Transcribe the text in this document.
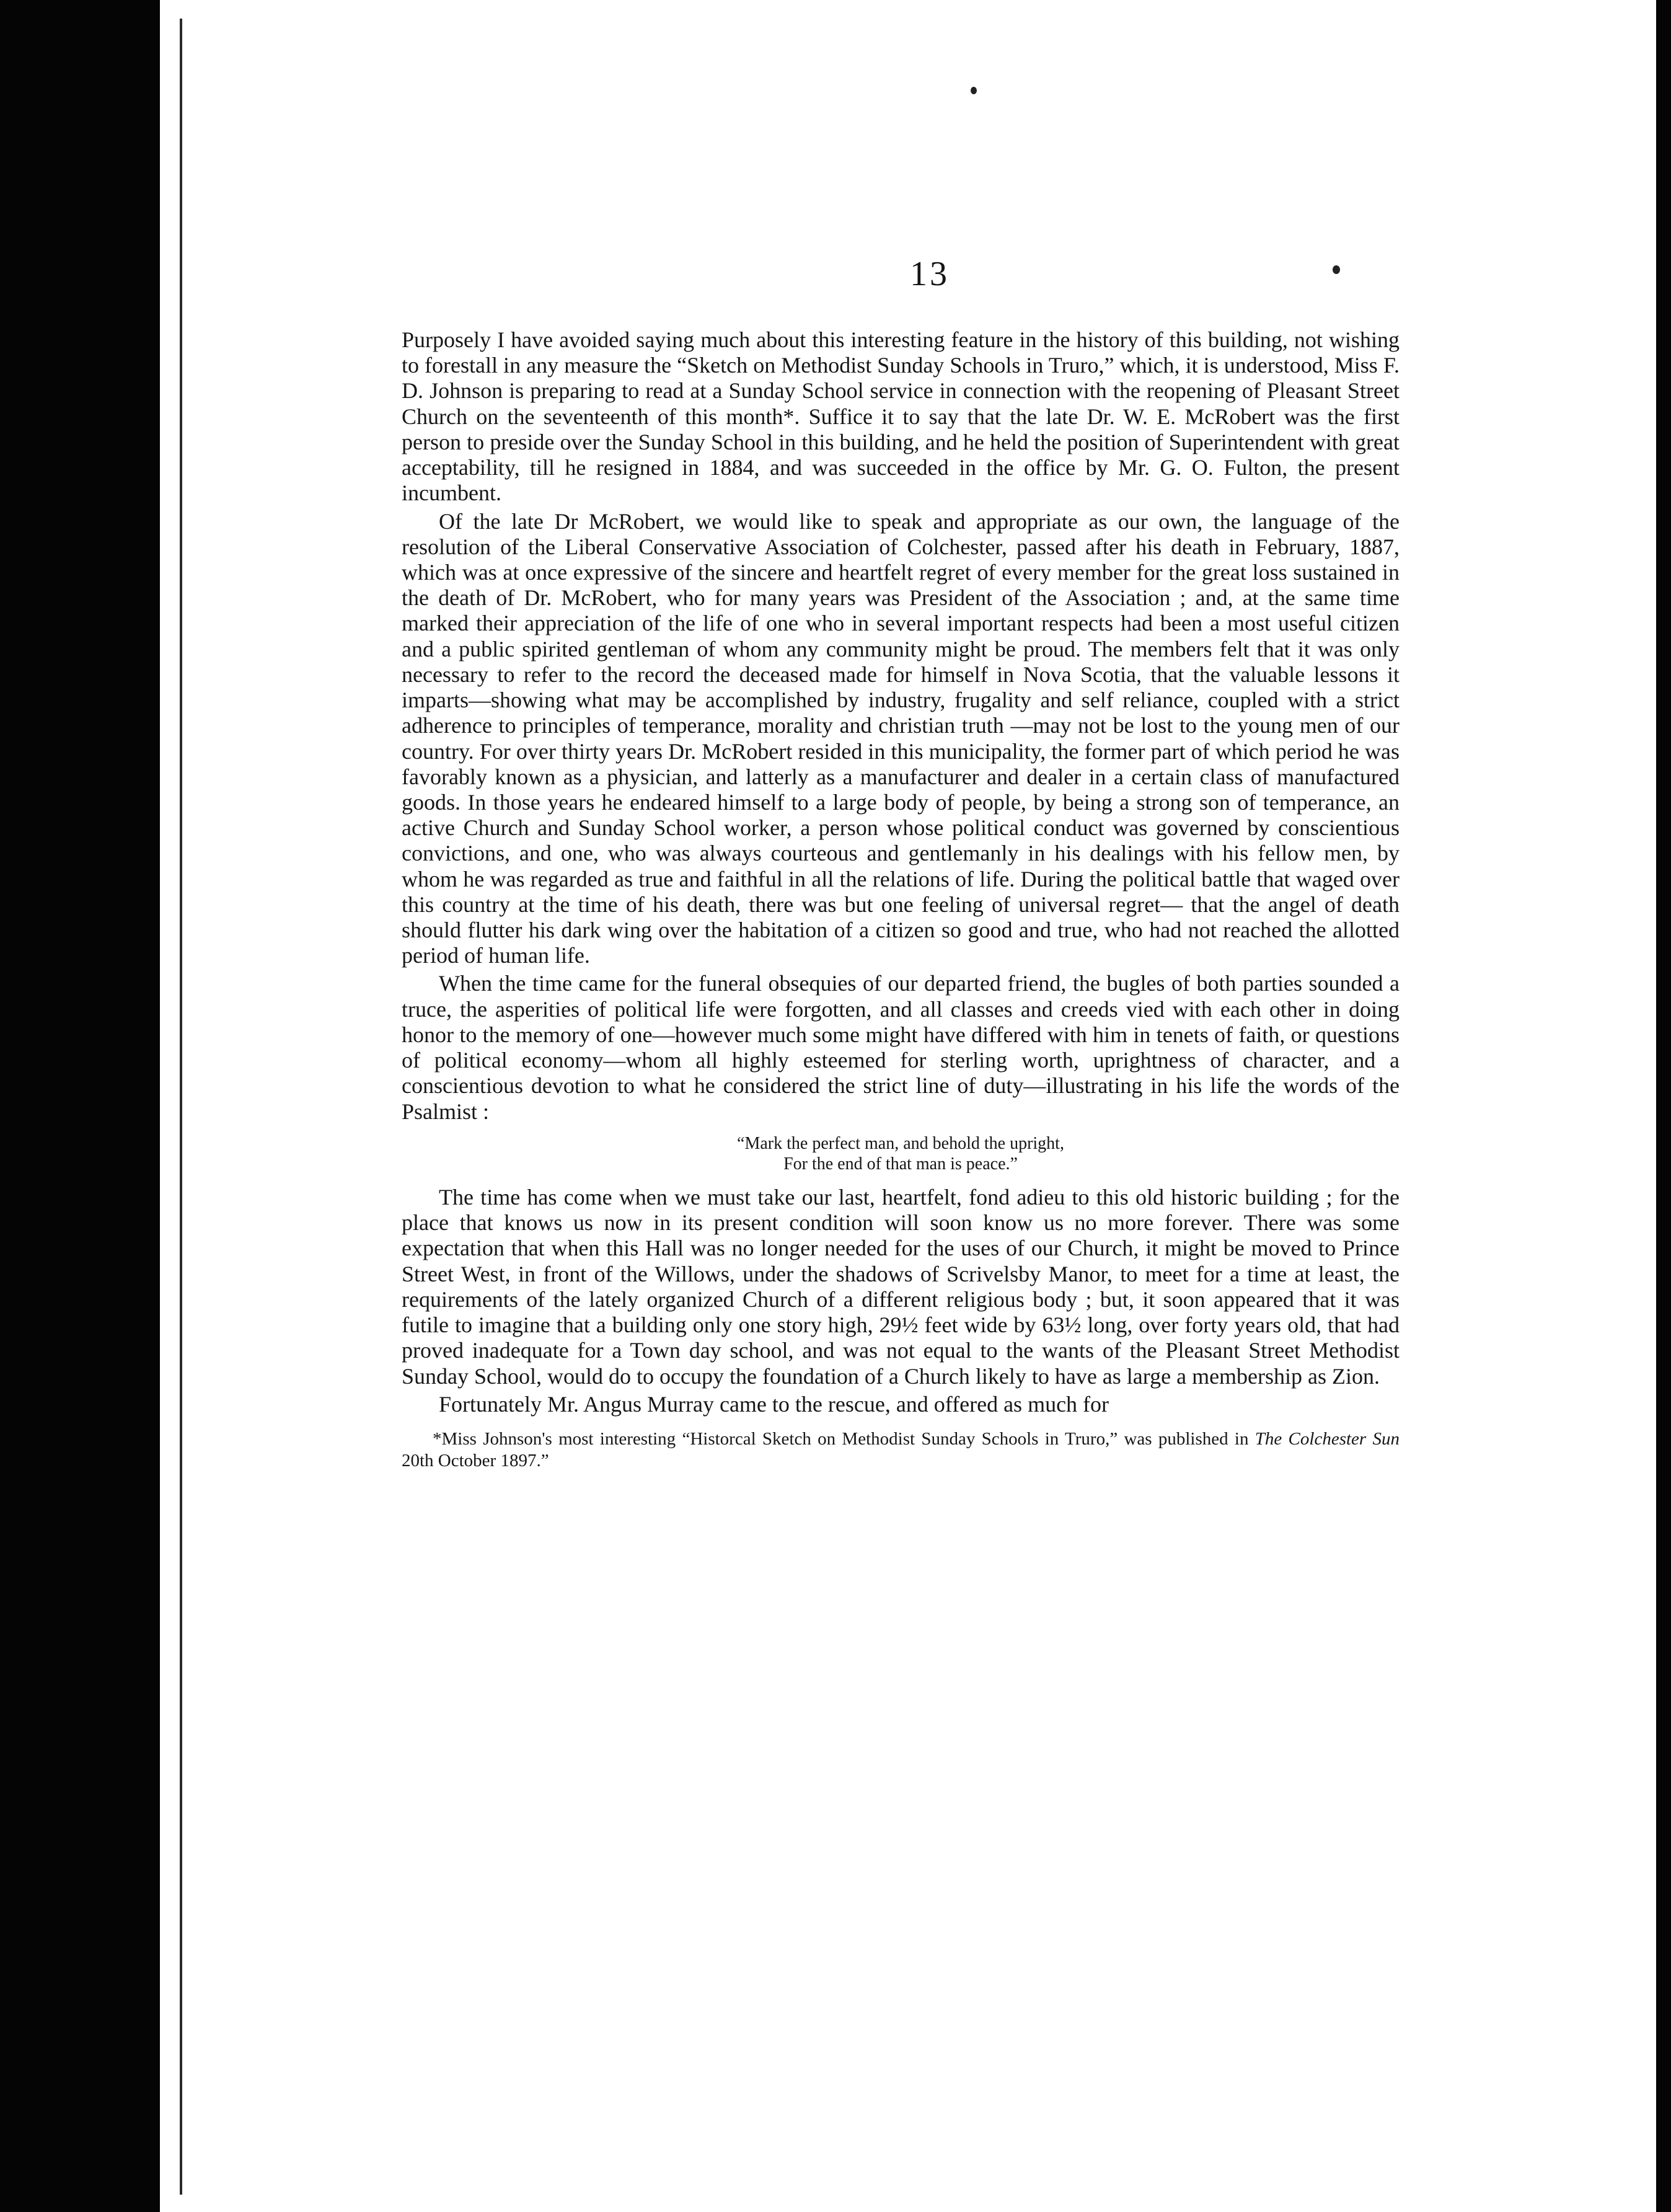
13

Purposely I have avoided saying much about this interesting feature in the history of this building, not wishing to forestall in any measure the “Sketch on Methodist Sunday Schools in Truro,” which, it is understood, Miss F. D. Johnson is preparing to read at a Sunday School service in connection with the reopening of Pleasant Street Church on the seventeenth of this month*. Suffice it to say that the late Dr. W. E. McRobert was the first person to preside over the Sunday School in this building, and he held the position of Superintendent with great acceptability, till he resigned in 1884, and was succeeded in the office by Mr. G. O. Fulton, the present incumbent.

Of the late Dr McRobert, we would like to speak and appropriate as our own, the language of the resolution of the Liberal Conservative Association of Colchester, passed after his death in February, 1887, which was at once expressive of the sincere and heartfelt regret of every member for the great loss sustained in the death of Dr. McRobert, who for many years was President of the Association ; and, at the same time marked their appreciation of the life of one who in several important respects had been a most useful citizen and a public spirited gentleman of whom any community might be proud. The members felt that it was only necessary to refer to the record the deceased made for himself in Nova Scotia, that the valuable lessons it imparts—showing what may be accomplished by industry, frugality and self reliance, coupled with a strict adherence to principles of temperance, morality and christian truth —may not be lost to the young men of our country. For over thirty years Dr. McRobert resided in this municipality, the former part of which period he was favorably known as a physician, and latterly as a manufacturer and dealer in a certain class of manufactured goods. In those years he endeared himself to a large body of people, by being a strong son of temperance, an active Church and Sunday School worker, a person whose political conduct was governed by conscientious convictions, and one, who was always courteous and gentlemanly in his dealings with his fellow men, by whom he was regarded as true and faithful in all the relations of life. During the political battle that waged over this country at the time of his death, there was but one feeling of universal regret— that the angel of death should flutter his dark wing over the habitation of a citizen so good and true, who had not reached the allotted period of human life.

When the time came for the funeral obsequies of our departed friend, the bugles of both parties sounded a truce, the asperities of political life were forgotten, and all classes and creeds vied with each other in doing honor to the memory of one—however much some might have differed with him in tenets of faith, or questions of political economy—whom all highly esteemed for sterling worth, uprightness of character, and a conscientious devotion to what he considered the strict line of duty—illustrating in his life the words of the Psalmist :

“Mark the perfect man, and behold the upright,
For the end of that man is peace.”

The time has come when we must take our last, heartfelt, fond adieu to this old historic building ; for the place that knows us now in its present condition will soon know us no more forever. There was some expectation that when this Hall was no longer needed for the uses of our Church, it might be moved to Prince Street West, in front of the Willows, under the shadows of Scrivelsby Manor, to meet for a time at least, the requirements of the lately organized Church of a different religious body ; but, it soon appeared that it was futile to imagine that a building only one story high, 29½ feet wide by 63½ long, over forty years old, that had proved inadequate for a Town day school, and was not equal to the wants of the Pleasant Street Methodist Sunday School, would do to occupy the foundation of a Church likely to have as large a membership as Zion.

Fortunately Mr. Angus Murray came to the rescue, and offered as much for

*Miss Johnson's most interesting “Historcal Sketch on Methodist Sunday Schools in Truro,” was published in The Colchester Sun 20th October 1897.”
